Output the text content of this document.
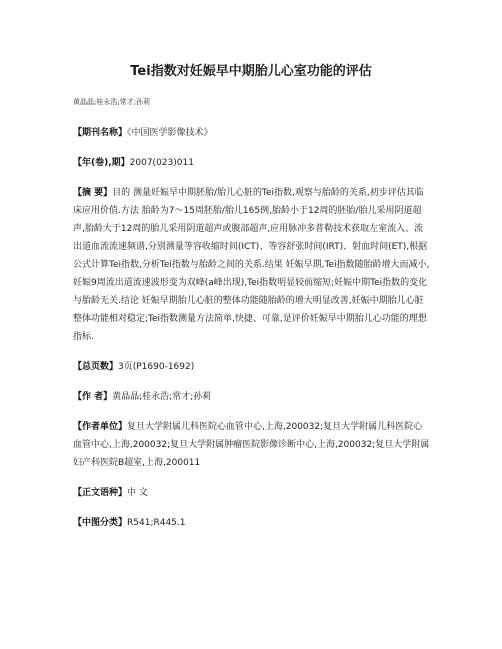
Tei指数对妊娠早中期胎儿心室功能的评估
黄晶晶;桂永浩;常才;孙莉

【期刊名称】《中国医学影像技术》

【年(卷),期】2007(023)011

【摘 要】目的 测量妊娠早中期胚胎/胎儿心脏的Tei指数,观察与胎龄的关系,初步评估其临床应用价值.方法 胎龄为7～15周胚胎/胎儿165例,胎龄小于12周的胚胎/胎儿采用阴道超声,胎龄大于12周的胎儿采用阴道超声或腹部超声,应用脉冲多普勒技术获取左室流入、流出道血流流速频谱,分别测量等容收缩时间(ICT)、等容舒张时间(IRT)、射血时间(ET),根据公式计算Tei指数,分析Tei指数与胎龄之间的关系.结果 妊娠早期,Tei指数随胎龄增大而减小,妊娠9周流出道流速波形变为双峰(a峰出现),Tei指数明显较前缩短;妊娠中期Tei指数的变化与胎龄无关.结论 妊娠早期胎儿心脏的整体功能随胎龄的增大明显改善,妊娠中期胎儿心脏整体功能相对稳定;Tei指数测量方法简单,快捷、可靠,是评价妊娠早中期胎儿心功能的理想指标.

【总页数】3页(P1690-1692)

【作 者】黄晶晶;桂永浩;常才;孙莉

【作者单位】复旦大学附属儿科医院心血管中心,上海,200032;复旦大学附属儿科医院心血管中心,上海,200032;复旦大学附属肿瘤医院影像诊断中心,上海,200032;复旦大学附属妇产科医院B超室,上海,200011

【正文语种】中 文

【中图分类】R541;R445.1
